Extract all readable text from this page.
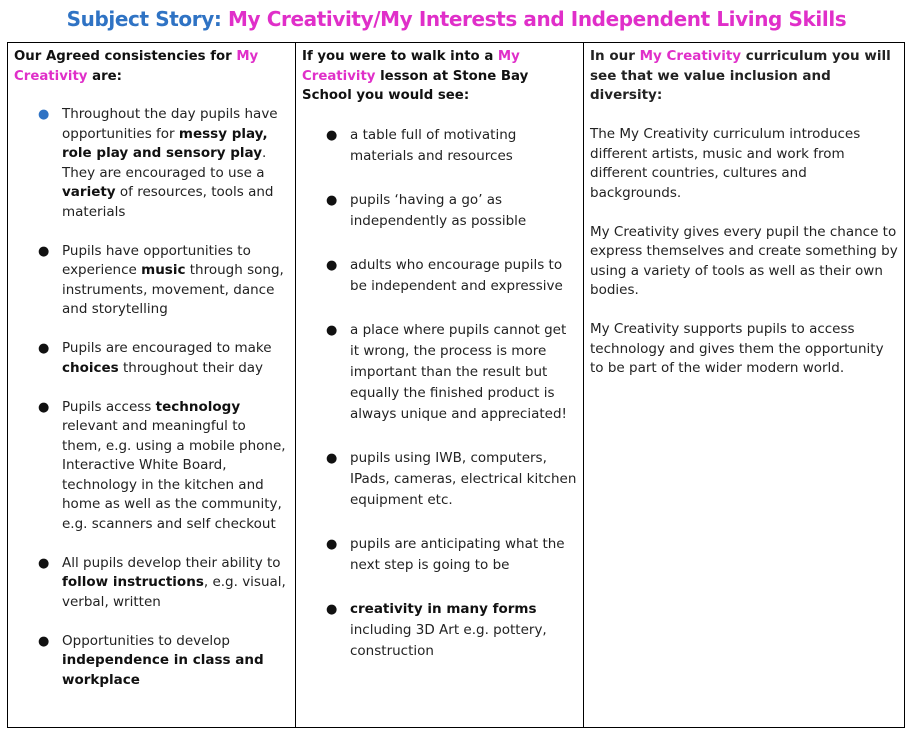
Subject Story: My Creativity/My Interests and Independent Living Skills

Our Agreed consistencies for My Creativity are:

● Throughout the day pupils have opportunities for messy play, role play and sensory play. They are encouraged to use a variety of resources, tools and materials
● Pupils have opportunities to experience music through song, instruments, movement, dance and storytelling
● Pupils are encouraged to make choices throughout their day
● Pupils access technology relevant and meaningful to them, e.g. using a mobile phone, Interactive White Board, technology in the kitchen and home as well as the community, e.g. scanners and self checkout
● All pupils develop their ability to follow instructions, e.g. visual, verbal, written
● Opportunities to develop independence in class and workplace

If you were to walk into a My Creativity lesson at Stone Bay School you would see:

● a table full of motivating materials and resources
● pupils ‘having a go’ as independently as possible
● adults who encourage pupils to be independent and expressive
● a place where pupils cannot get it wrong, the process is more important than the result but equally the finished product is always unique and appreciated!
● pupils using IWB, computers, IPads, cameras, electrical kitchen equipment etc.
● pupils are anticipating what the next step is going to be
● creativity in many forms including 3D Art e.g. pottery, construction

In our My Creativity curriculum you will see that we value inclusion and diversity:

The My Creativity curriculum introduces different artists, music and work from different countries, cultures and backgrounds.

My Creativity gives every pupil the chance to express themselves and create something by using a variety of tools as well as their own bodies.

My Creativity supports pupils to access technology and gives them the opportunity to be part of the wider modern world.
